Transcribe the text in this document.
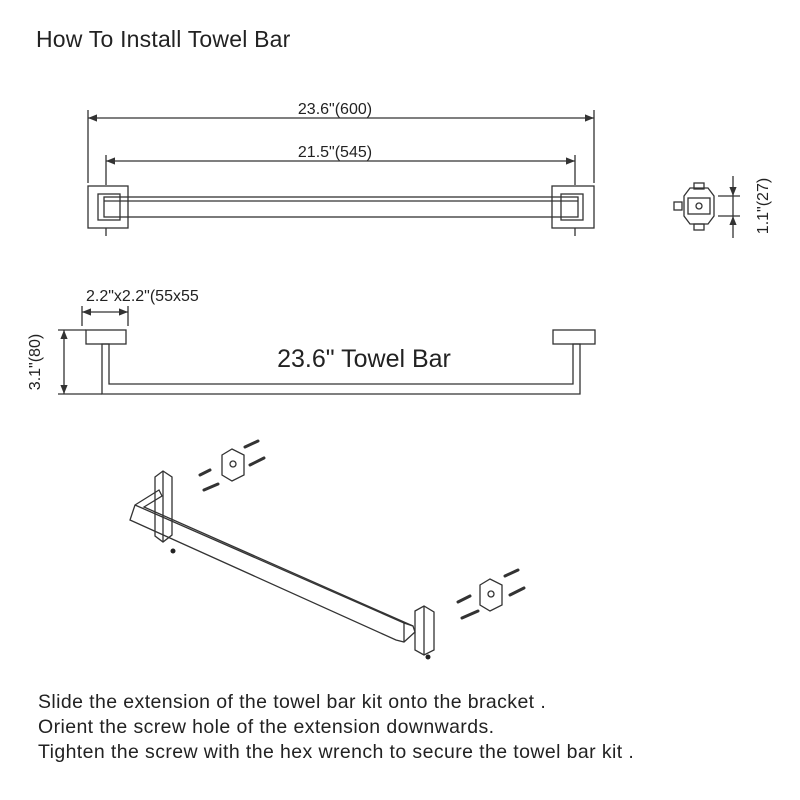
How To Install Towel Bar
23.6"(600)
21.5"(545)
1.1"(27)
2.2"x2.2"(55x55
3.1"(80)	23.6" Towel Bar
Slide the extension of the towel bar kit onto the bracket .
Orient the screw hole of the extension downwards.
Tighten the screw with the hex wrench to secure the towel bar kit .
